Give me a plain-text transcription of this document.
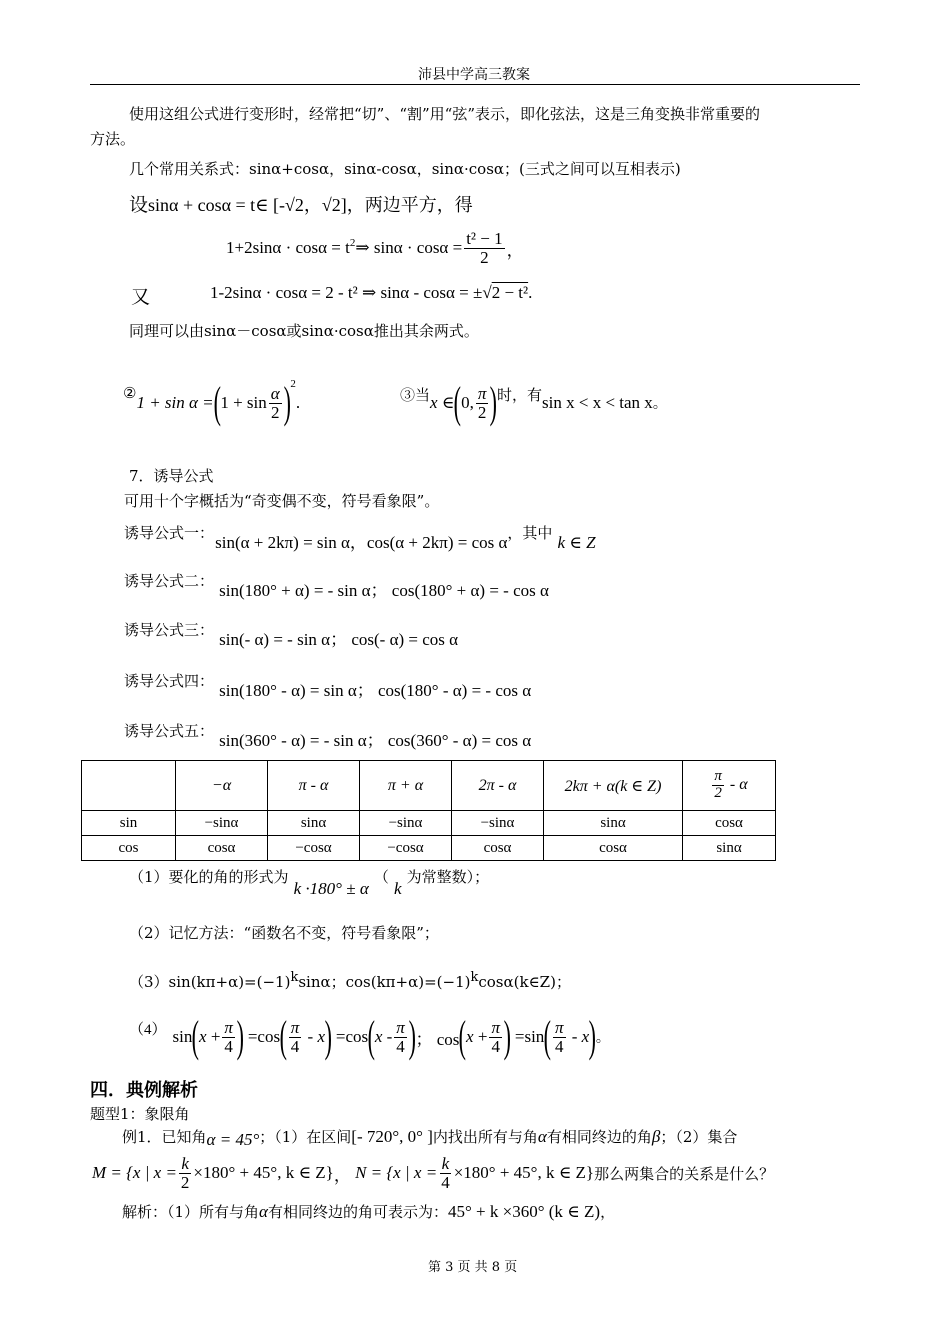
沛县中学高三教案
使用这组公式进行变形时，经常把“切”、“割”用“弦”表示，即化弦法，这是三角变换非常重要的
方法。
几个常用关系式：sinα+cosα，sinα-cosα，sinα·cosα；(三式之间可以互相表示)
设sinα + cosα = t∈ [-√2，√2]，两边平方，得
$1+2\sin\alpha \cdot \cos\alpha = t^2$ ⇒ $\sin\alpha \cdot \cos\alpha = \frac{\text{t² − 1}}{2}$ ，
又	1-2sinα · cosα = 2 - t² ⇒ sinα - cosα = ±√2 − t².
同理可以由sinα－cosα或sinα·cosα推出其余两式。
② 1 + sin α = ( $1 + \sin \frac{\alpha}{2} )^2$
.	③当 x ∈ ( 0, $\frac{\pi}{2}$ ) 时，有 sin x < x < tan x 。
7．诱导公式
可用十个字概括为“奇变偶不变，符号看象限”。
诱导公式一： sin(α + 2kπ) = sin α，cos(α + 2kπ) = cos α，其中 k ∈ Z
诱导公式二： sin(180° + α) = - sin α； cos(180° + α) = - cos α
诱导公式三： sin(- α) = - sin α； cos(- α) = cos α
诱导公式四： sin(180° - α) = sin α； cos(180° - α) = - cos α
诱导公式五： sin(360° - α) = - sin α； cos(360° - α) = cos α
	−α	π - α	π + α	2π - α	2kπ + α(k ∈ Z)	$\frac{\pi}{2}$ - α
sin	−sinα	sinα	−sinα	−sinα	sinα	cosα
cos	cosα	−cosα	−cosα	cosα	cosα	sinα
（1）要化的角的形式为 k ·180° ± α （ k 为常整数）；
（2）记忆方法：“函数名不变，符号看象限”；
$(3)\sin(k\pi+\alpha)=(-1)^k\sin\alpha$；$\cos(k\pi+\alpha)=(-1)^k\cos\alpha(k\in Z)$；
（4） sin ( $x + \frac{\pi}{4}$ ) =cos ( $\frac{\pi}{4}$ - x ) =cos ( x - $\frac{\pi}{4}$ ) ； cos ( $x + \frac{\pi}{4}$ ) =sin ( $\frac{\pi}{4}$ - x ) 。
四．典例解析
题型1：象限角
例1．已知角α = 45°；（1）在区间[- 720°, 0° ]内找出所有与角α有相同终边的角β；（2）集合
M = {x | $x = \frac{k}{2} \times 180^\circ + 45^\circ$, k ∈ Z} ， N = {x | $x = \frac{k}{4} \times 180^\circ + 45^\circ$, k ∈ Z} 那么两集合的关系是什么？
解析：（1）所有与角α有相同终边的角可表示为：45° + k ×360° (k ∈ Z)，
第 3 页 共 8 页
